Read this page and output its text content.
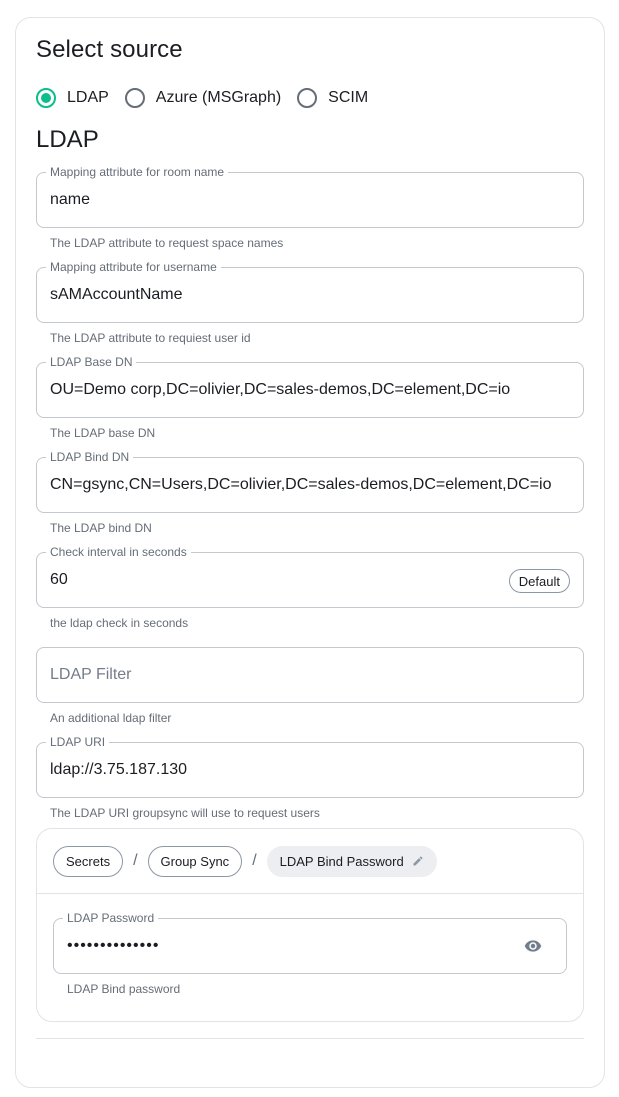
Select source
LDAP	Azure (MSGraph)	SCIM
LDAP
Mapping attribute for room name
name
The LDAP attribute to request space names
Mapping attribute for username
sAMAccountName
The LDAP attribute to requiest user id
LDAP Base DN
OU=Demo corp,DC=olivier,DC=sales-demos,DC=element,DC=io
The LDAP base DN
LDAP Bind DN
CN=gsync,CN=Users,DC=olivier,DC=sales-demos,DC=element,DC=io
The LDAP bind DN
Check interval in seconds
60	Default
the ldap check in seconds
LDAP Filter
An additional ldap filter
LDAP URI
ldap://3.75.187.130
The LDAP URI groupsync will use to request users
Secrets	/	Group Sync	/ LDAP Bind Password
LDAP Password
••••••••••••••
LDAP Bind password
